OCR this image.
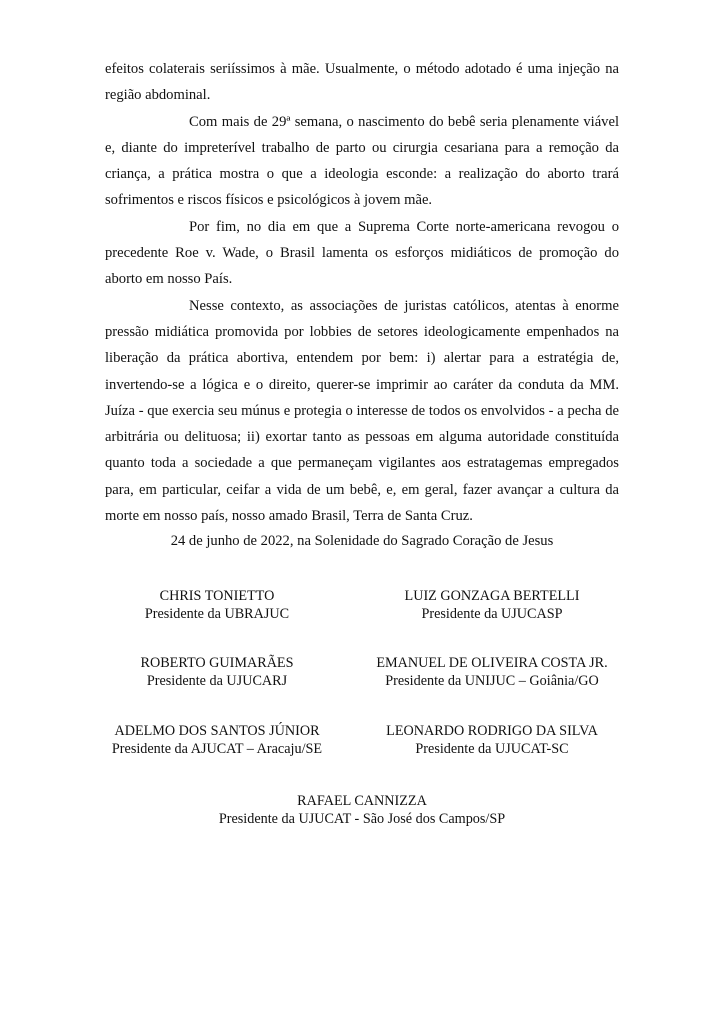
efeitos colaterais seriíssimos à mãe. Usualmente, o método adotado é uma injeção na região abdominal.

Com mais de 29ª semana, o nascimento do bebê seria plenamente viável e, diante do impreterível trabalho de parto ou cirurgia cesariana para a remoção da criança, a prática mostra o que a ideologia esconde: a realização do aborto trará sofrimentos e riscos físicos e psicológicos à jovem mãe.

Por fim, no dia em que a Suprema Corte norte-americana revogou o precedente Roe v. Wade, o Brasil lamenta os esforços midiáticos de promoção do aborto em nosso País.

Nesse contexto, as associações de juristas católicos, atentas à enorme pressão midiática promovida por lobbies de setores ideologicamente empenhados na liberação da prática abortiva, entendem por bem: i) alertar para a estratégia de, invertendo-se a lógica e o direito, querer-se imprimir ao caráter da conduta da MM. Juíza - que exercia seu múnus e protegia o interesse de todos os envolvidos - a pecha de arbitrária ou delituosa; ii) exortar tanto as pessoas em alguma autoridade constituída quanto toda a sociedade a que permaneçam vigilantes aos estratagemas empregados para, em particular, ceifar a vida de um bebê, e, em geral, fazer avançar a cultura da morte em nosso país, nosso amado Brasil, Terra de Santa Cruz.

24 de junho de 2022, na Solenidade do Sagrado Coração de Jesus
CHRIS TONIETTO
Presidente da UBRAJUC
LUIZ GONZAGA BERTELLI
Presidente da UJUCASP
ROBERTO GUIMARÃES
Presidente da UJUCARJ
EMANUEL DE OLIVEIRA COSTA JR.
Presidente da UNIJUC – Goiânia/GO
ADELMO DOS SANTOS JÚNIOR
Presidente da AJUCAT – Aracaju/SE
LEONARDO RODRIGO DA SILVA
Presidente da UJUCAT-SC
RAFAEL CANNIZZA
Presidente da UJUCAT - São José dos Campos/SP
